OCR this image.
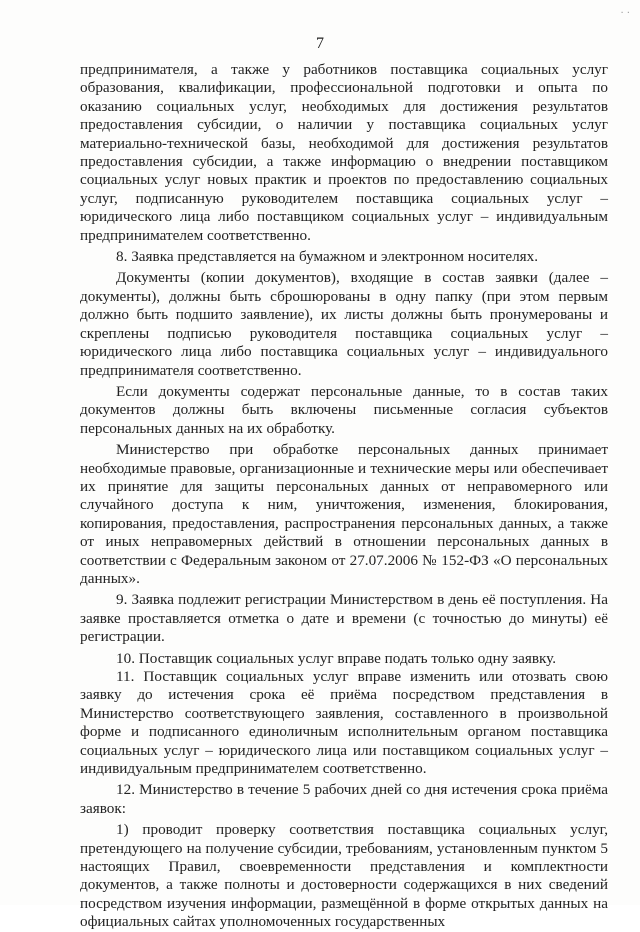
· ·
7

предпринимателя, а также у работников поставщика социальных услуг образования, квалификации, профессиональной подготовки и опыта по оказанию социальных услуг, необходимых для достижения результатов предоставления субсидии, о наличии у поставщика социальных услуг материально-технической базы, необходимой для достижения результатов предоставления субсидии, а также информацию о внедрении поставщиком социальных услуг новых практик и проектов по предоставлению социальных услуг, подписанную руководителем поставщика социальных услуг – юридического лица либо поставщиком социальных услуг – индивидуальным предпринимателем соответственно.

8. Заявка представляется на бумажном и электронном носителях.

Документы (копии документов), входящие в состав заявки (далее – документы), должны быть сброшюрованы в одну папку (при этом первым должно быть подшито заявление), их листы должны быть пронумерованы и скреплены подписью руководителя поставщика социальных услуг – юридического лица либо поставщика социальных услуг – индивидуального предпринимателя соответственно.

Если документы содержат персональные данные, то в состав таких документов должны быть включены письменные согласия субъектов персональных данных на их обработку.

Министерство при обработке персональных данных принимает необходимые правовые, организационные и технические меры или обеспечивает их принятие для защиты персональных данных от неправомерного или случайного доступа к ним, уничтожения, изменения, блокирования, копирования, предоставления, распространения персональных данных, а также от иных неправомерных действий в отношении персональных данных в соответствии с Федеральным законом от 27.07.2006 № 152-ФЗ «О персональных данных».

9. Заявка подлежит регистрации Министерством в день её поступления. На заявке проставляется отметка о дате и времени (с точностью до минуты) её регистрации.

10. Поставщик социальных услуг вправе подать только одну заявку.

11. Поставщик социальных услуг вправе изменить или отозвать свою заявку до истечения срока её приёма посредством представления в Министерство соответствующего заявления, составленного в произвольной форме и подписанного единоличным исполнительным органом поставщика социальных услуг – юридического лица или поставщиком социальных услуг – индивидуальным предпринимателем соответственно.

12. Министерство в течение 5 рабочих дней со дня истечения срока приёма заявок:

1) проводит проверку соответствия поставщика социальных услуг, претендующего на получение субсидии, требованиям, установленным пунктом 5 настоящих Правил, своевременности представления и комплектности документов, а также полноты и достоверности содержащихся в них сведений посредством изучения информации, размещённой в форме открытых данных на официальных сайтах уполномоченных государственных
